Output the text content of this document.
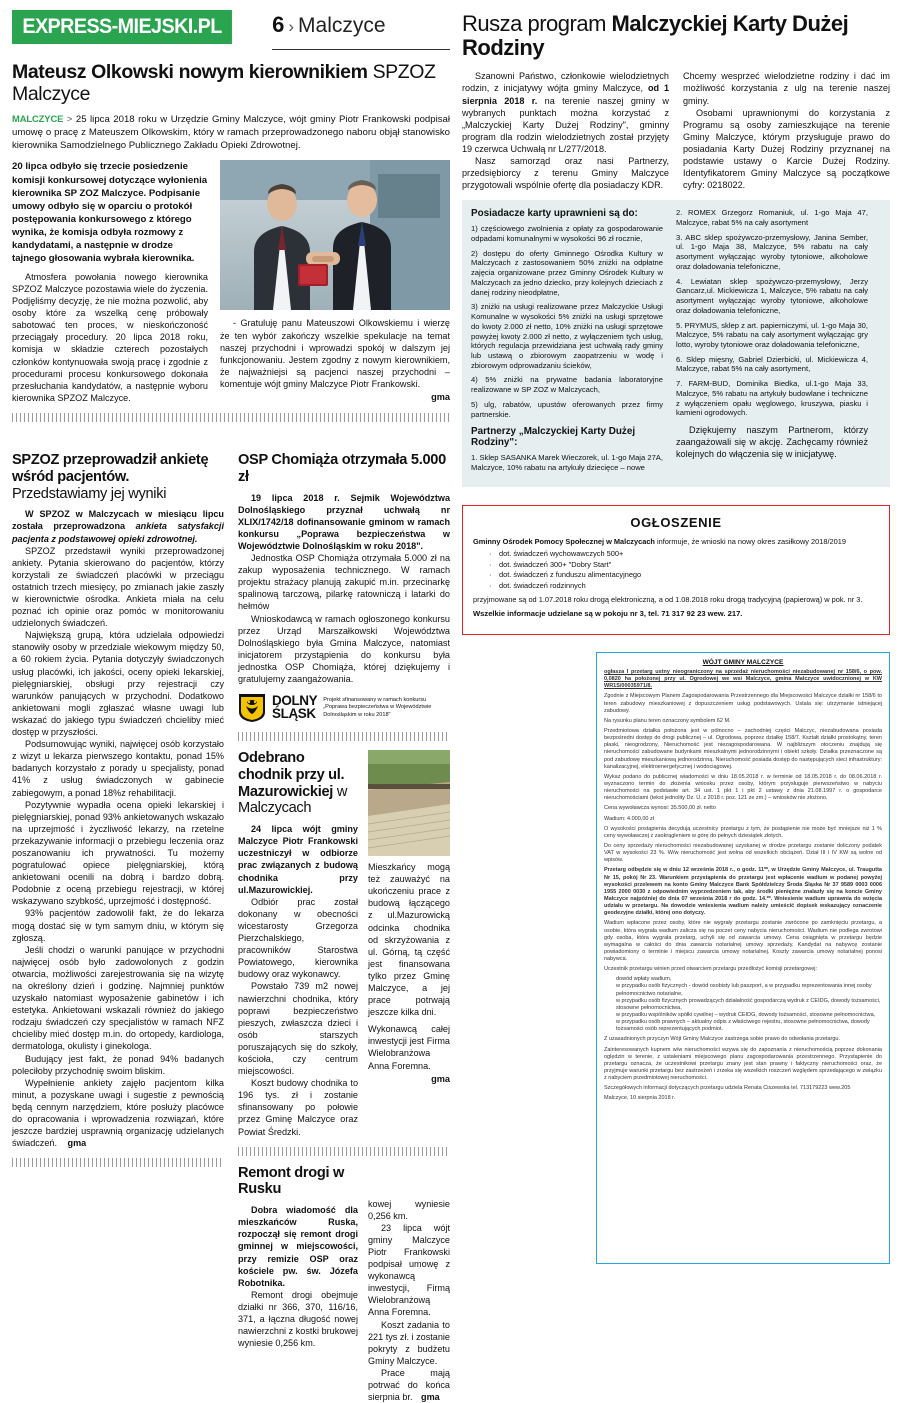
EXPRESS-MIEJSKI.PL	6 › Malczyce
Mateusz Olkowski nowym kierownikiem SPZOZ Malczyce

MALCZYCE > 25 lipca 2018 roku w Urzędzie Gminy Malczyce, wójt gminy Piotr Frankowski podpisał umowę o pracę z Mateuszem Olkowskim, który w ramach przeprowadzonego naboru objął stanowisko kierownika Samodzielnego Publicznego Zakładu Opieki Zdrowotnej.

20 lipca odbyło się trzecie posiedzenie komisji konkursowej dotyczące wyłonienia kierownika SP ZOZ Malczyce. Podpisanie umowy odbyło się w oparciu o protokół postępowania konkursowego z którego wynika, że komisja odbyła rozmowy z kandydatami, a następnie w drodze tajnego głosowania wybrała kierownika.

Atmosfera powołania nowego kierownika SPZOZ Malczyce pozostawia wiele do życzenia. Podjęliśmy decyzję, że nie można pozwolić, aby osoby które za wszelką cenę próbowały sabotować ten proces, w nieskończoność przeciągały procedury. 20 lipca 2018 roku, komisja w składzie czterech pozostałych członków kontynuowała swoją pracę i zgodnie z procedurami procesu konkursowego dokonała przesłuchania kandydatów, a następnie wyboru kierownika SPZOZ Malczyce.

- Gratuluję panu Mateuszowi Olkowskiemu i wierzę że ten wybór zakończy wszelkie spekulacje na temat naszej przychodni i wprowadzi spokój w dalszym jej funkcjonowaniu. Jestem zgodny z nowym kierownikiem, że najważniejsi są pacjenci naszej przychodni – komentuje wójt gminy Malczyce Piotr Frankowski.

gma
SPZOZ przeprowadził ankietę wśród pacjentów. Przedstawiamy jej wyniki

W SPZOZ w Malczycach w miesiącu lipcu została przeprowadzona ankieta satysfakcji pacjenta z podstawowej opieki zdrowotnej.

SPZOZ przedstawił wyniki przeprowadzonej ankiety. Pytania skierowano do pacjentów, którzy korzystali ze świadczeń placówki w przeciągu ostatnich trzech miesięcy, po zmianach jakie zaszły w kierownictwie ośrodka. Ankieta miała na celu poznać ich opinie oraz pomóc w monitorowaniu udzielonych świadczeń.

Największą grupą, która udzielała odpowiedzi stanowiły osoby w przedziale wiekowym między 50, a 60 rokiem życia. Pytania dotyczyły świadczonych usług placówki, ich jakości, oceny opieki lekarskiej, pielęgniarskiej, obsługi przy rejestracji czy warunków panujących w przychodni. Dodatkowo ankietowani mogli zgłaszać własne uwagi lub wskazać do jakiego typu świadczeń chcieliby mieć dostęp w przyszłości.

Podsumowując wyniki, najwięcej osób korzystało z wizyt u lekarza pierwszego kontaktu, ponad 15% badanych korzystało z porady u specjalisty, ponad 41% z usług świadczonych w gabinecie zabiegowym, a ponad 18%z rehabilitacji.

Pozytywnie wypadła ocena opieki lekarskiej i pielęgniarskiej, ponad 93% ankietowanych wskazało na uprzejmość i życzliwość lekarzy, na rzetelne przekazywanie informacji o przebiegu leczenia oraz poszanowaniu ich prywatności. Tu możemy pogratulować opiece pielęgniarskiej, którą ankietowani ocenili na dobrą i bardzo dobrą. Podobnie z oceną przebiegu rejestracji, w której wskazywano szybkość, uprzejmość i dostępność.

93% pacjentów zadowolił fakt, że do lekarza mogą dostać się w tym samym dniu, w którym się zgłoszą.

Jeśli chodzi o warunki panujące w przychodni najwięcej osób było zadowolonych z godzin otwarcia, możliwości zarejestrowania się na wizytę na określony dzień i godzinę. Najmniej punktów uzyskało natomiast wyposażenie gabinetów i ich estetyka. Ankietowani wskazali również do jakiego rodzaju świadczeń czy specjalistów w ramach NFZ chcieliby mieć dostęp m.in. do ortopedy, kardiologa, dermatologa, okulisty i ginekologa.

Budujący jest fakt, że ponad 94% badanych poleciłoby przychodnię swoim bliskim.

Wypełnienie ankiety zajęło pacjentom kilka minut, a pozyskane uwagi i sugestie z pewnością będą cennym narzędziem, które posłuży placówce do opracowania i wprowadzenia rozwiązań, które jeszcze bardziej usprawnią organizację udzielanych świadczeń. gma

OSP Chomiąża otrzymała 5.000 zł

19 lipca 2018 r. Sejmik Województwa Dolnośląskiego przyznał uchwałą nr XLIX/1742/18 dofinansowanie gminom w ramach konkursu „Poprawa bezpieczeństwa w Województwie Dolnośląskim w roku 2018".

Jednostka OSP Chomiąża otrzymała 5.000 zł na zakup wyposażenia technicznego. W ramach projektu strażacy planują zakupić m.in. przecinarkę spalinową tarczową, pilarkę ratowniczą i latarki do hełmów

Wnioskodawcą w ramach ogłoszonego konkursu przez Urząd Marszałkowski Województwa Dolnośląskiego była Gmina Malczyce, natomiast inicjatorem przystąpienia do konkursu była jednostka OSP Chomiąża, której dziękujemy i gratulujemy zaangażowania.

DOLNY
ŚLĄSK
Projekt sfinansowany w ramach konkursu „Poprawa bezpieczeństwa w Województwie Dolnośląskim w roku 2018"
Odebrano chodnik przy ul. Mazurowickiej w Malczycach

24 lipca wójt gminy Malczyce Piotr Frankowski uczestniczył w odbiorze prac związanych z budową chodnika przy ul.Mazurowickiej.

Odbiór prac został dokonany w obecności wicestarosty Grzegorza Pierzchalskiego, pracowników Starostwa Powiatowego, kierownika budowy oraz wykonawcy.

Powstało 739 m2 nowej nawierzchni chodnika, który poprawi bezpieczeństwo pieszych, zwłaszcza dzieci i osób starszych poruszających się do szkoły, kościoła, czy centrum miejscowości.

Koszt budowy chodnika to 196 tys. zł i zostanie sfinansowany po połowie przez Gminę Malczyce oraz Powiat Średzki.

Mieszkańcy mogą też zauważyć na ukończeniu prace z budową łączącego z ul.Mazurowicką odcinka chodnika od skrzyżowania z ul. Górną, tą część jest finansowana tylko przez Gminę Malczyce, a jej prace potrwają jeszcze kilka dni.

Wykonawcą całej inwestycji jest Firma Wielobranżowa Anna Foremna.

gma
Remont drogi w Rusku

Dobra wiadomość dla mieszkańców Ruska, rozpoczął się remont drogi gminnej w miejscowości, przy remizie OSP oraz kościele pw. św. Józefa Robotnika.

Remont drogi obejmuje działki nr 366, 370, 116/16, 371, a łączna długość nowej nawierzchni z kostki brukowej wyniesie 0,256 km.

kowej wyniesie 0,256 km.

23 lipca wójt gminy Malczyce Piotr Frankowski podpisał umowę z wykonawcą inwestycji, Firmą Wielobranżową Anna Foremna.

Koszt zadania to 221 tys zł. i zostanie pokryty z budżetu Gminy Malczyce.

Prace mają potrwać do końca sierpnia br. gma

Rusza program Malczyckiej Karty Dużej Rodziny

Szanowni Państwo, członkowie wielodzietnych rodzin, z inicjatywy wójta gminy Malczyce, od 1 sierpnia 2018 r. na terenie naszej gminy w wybranych punktach można korzystać z „Malczyckiej Karty Dużej Rodziny", gminny program dla rodzin wielodzietnych został przyjęty 19 czerwca Uchwałą nr L/277/2018.

Nasz samorząd oraz nasi Partnerzy, przedsiębiorcy z terenu Gminy Malczyce przygotowali wspólnie ofertę dla posiadaczy KDR.

Chcemy wesprzeć wielodzietne rodziny i dać im możliwość korzystania z ulg na terenie naszej gminy.

Osobami uprawnionymi do korzystania z Programu są osoby zamieszkujące na terenie Gminy Malczyce, którym przysługuje prawo do posiadania Karty Dużej Rodziny przyznanej na podstawie ustawy o Karcie Dużej Rodziny. Identyfikatorem Gminy Malczyce są początkowe cyfry: 0218022.

Posiadacze karty uprawnieni są do:

1) częściowego zwolnienia z opłaty za gospodarowanie odpadami komunalnymi w wysokości 96 zł rocznie,

2) dostępu do oferty Gminnego Ośrodka Kultury w Malczycach z zastosowaniem 50% zniżki na odpłatne zajęcia organizowane przez Gminny Ośrodek Kultury w Malczycach za jedno dziecko, przy kolejnych dzieciach z danej rodziny nieodpłatne,

3) zniżki na usługi realizowane przez Malczyckie Usługi Komunalne w wysokości 5% zniżki na usługi sprzętowe do kwoty 2.000 zł netto, 10% zniżki na usługi sprzętowe powyżej kwoty 2.000 zł netto, z wyłączeniem tych usług, których regulacja przewidziana jest uchwałą rady gminy lub ustawą o zbiorowym zaopatrzeniu w wodę i zbiorowym odprowadzaniu ścieków,

4) 5% zniżki na prywatne badania laboratoryjne realizowane w SP ZOZ w Malczycach,

5) ulg, rabatów, upustów oferowanych przez firmy partnerskie.

Partnerzy „Malczyckiej Karty Dużej Rodziny":

1. Sklep SASANKA Marek Wieczorek, ul. 1-go Maja 27A, Malczyce, 10% rabatu na artykuły dziecięce – nowe

2. ROMEX Grzegorz Romaniuk, ul. 1-go Maja 47, Malczyce, rabat 5% na cały asortyment

3. ABC sklep spożywczo-przemysłowy, Janina Sember, ul. 1-go Maja 38, Malczyce, 5% rabatu na cały asortyment wyłączając wyroby tytoniowe, alkoholowe oraz doładowania telefoniczne,

4. Lewiatan sklep spożywczo-przemysłowy, Jerzy Gancarz,ul. Mickiewicza 1, Malczyce, 5% rabatu na cały asortyment wyłączając wyroby tytoniowe, alkoholowe oraz doładowania telefoniczne,

5. PRYMUS, sklep z art. papierniczymi, ul. 1-go Maja 30, Malczyce, 5% rabatu na cały asortyment wyłączając gry lotto, wyroby tytoniowe oraz doładowania telefoniczne,

6. Sklep mięsny, Gabriel Dzierbicki, ul. Mickiewicza 4, Malczyce, rabat 5% na cały asortyment,

7. FARM-BUD, Dominika Biedka, ul.1-go Maja 33, Malczyce, 5% rabatu na artykuły budowlane i techniczne z wyłączeniem opału węglowego, kruszywa, piasku i kamieni ogrodowych.

Dziękujemy naszym Partnerom, którzy zaangażowali się w akcję. Zachęcamy również kolejnych do włączenia się w inicjatywę.

OGŁOSZENIE
Gminny Ośrodek Pomocy Społecznej w Malczycach informuje, że wnioski na nowy okres zasiłkowy 2018/2019
· dot. świadczeń wychowawczych 500+
· dot. świadczeń 300+ "Dobry Start"
· dot. świadczeń z funduszu alimentacyjnego
· dot. świadczeń rodzinnych
przyjmowane są od 1.07.2018 roku drogą elektroniczną, a od 1.08.2018 roku drogą tradycyjną (papierową) w pok. nr 3.
Wszelkie informacje udzielane są w pokoju nr 3, tel. 71 317 92 23 wew. 217.
WÓJT GMINY MALCZYCE

ogłasza I przetarg ustny nieograniczony na sprzedaż nieruchomości niezabudowanej nr 158/6, o pow. 0,0820 ha położonej przy ul. Ogrodowej we wsi Malczyce, gmina Malczyce uwidocznionej w KW WR1S/00035971/8.

Zgodnie z Miejscowym Planem Zagospodarowania Przestrzennego dla Miejscowości Malczyce działki nr 158/6 to teren zabudowy mieszkaniowej z dopuszczeniem usług podstawowych. Ustala się: utrzymanie istniejącej zabudowy.

Na rysunku planu teren oznaczony symbolem 62 M.

Przedmiotowa działka położona jest w północno – zachodniej części Malczyc, niezabudowana posiada bezpośredni dostęp do drogi publicznej – ul. Ogrodowa, poprzez działkę 158/7. Kształt działki prostokątny, teren płaski, nieogrodzony, Nieruchomość jest niezagospodarowana. W najbliższym otoczeniu znajdują się nieruchomości zabudowane budynkami mieszkalnymi jednorodzinnymi i obiekt szkoły. Działka przeznaczone są pod zabudowę mieszkaniową jednorodzinną. Nieruchomość posiada dostęp do następujących sieci infrastruktury: kanalizacyjnej, elektroenergetycznej i wodociągowej.

Wykaz podano do publicznej wiadomości w dniu 18.05.2018 r. w terminie od 18.05.2018 r. do 08.06.2018 r. wyznaczono termin do złożenia wniosku przez osoby, którym przysługuje pierwszeństwo w nabyciu nieruchomości na podstawie art. 34 ust. 1 pkt 1 i pkt 2 ustawy z dnia 21.08.1997 r. o gospodarce nieruchomościami (tekst jednolity Dz. U. z 2018 r. poz. 121 ze zm.) – wniosków nie złożono.

Cena wywoławcza wynosi: 35.500,00 zł. netto

Wadium: 4.000,00 zł

O wysokości postąpienia decydują uczestnicy przetargu z tym, że postąpienie nie może być mniejsze niż 1 % ceny wywoławczej z zaokrągleniem w górę do pełnych dziesiątek złotych.

Do ceny sprzedaży nieruchomości niezabudowanej uzyskanej w drodze przetargu zostanie doliczony podatek VAT w wysokości 23 %. W/w nieruchomość jest wolna od wszelkich obciążeń. Dział III i IV KW są wolne od wpisów.

Przetarg odbędzie się w dniu 12 września 2018 r., o godz. 11ºº, w Urzędzie Gminy Malczyce, ul. Traugutta Nr 15, pokój Nr 23. Warunkiem przystąpienia do przetargu jest wpłacenie wadium w podanej powyżej wysokości przelewem na konto Gminy Malczyce Bank Spółdzielczy Środa Śląska Nr 37 9589 0003 0006 1955 2000 0030 z odpowiednim wyprzedzeniem tak, aby środki pieniężne znalazły się na koncie Gminy Malczyce najpóźniej do dnia 07 września 2018 r do godz. 14.ºº. Wniesienie wadium uprawnia do wzięcia udziału w przetargu. Na dowodzie wniesienia wadium należy umieścić dopisek wskazujący oznaczenie geodezyjne działki, której ono dotyczy.

Wadium wpłacone przez osoby, które nie wygrały przetargu zostanie zwrócone po zamknięciu przetargu, a osobie, która wygrała wadium zalicza się na poczet ceny nabycia nieruchomości. Wadium nie podlega zwrotowi gdy osoba, która wygrała przetarg, uchyli się od zawarcia umowy. Cena osiągnięta w przetargu będzie wymagalna w całości do dnia zawarcia notarialnej umowy sprzedaży. Kandydat na nabywcę zostanie powiadomiony o terminie i miejscu zawarcia umowy notarialnej. Koszty zawarcia umowy notarialnej ponosi nabywca.

Uczestnik przetargu winien przed otwarciem przetargu przedłożyć komisji przetargowej:

dowód wpłaty wadium,
w przypadku osób fizycznych - dowód osobisty lub paszport, a w przypadku reprezentowania innej osoby pełnomocnictwo notarialne,
w przypadku osób fizycznych prowadzących działalność gospodarczą wydruk z CEIDG, dowody tożsamości, stosowne pełnomocnictwa,
w przypadku wspólników spółki cywilnej – wydruk CEIDG, dowody tożsamości, stosowne pełnomocnictwa,
w przypadku osób prawnych – aktualny odpis z właściwego rejestru, stosowne pełnomocnictwa, dowody tożsamości osób reprezentujących podmiot.

Z uzasadnionych przyczyn Wójt Gminy Malczyce zastrzega sobie prawo do odwołania przetargu.

Zainteresowanych kupnem w/w nieruchomości wzywa się do zapoznania z nieruchomością poprzez dokonania oględzin w terenie, z ustaleniami miejscowego planu zagospodarowania przestrzennego. Przystąpienie do przetargu oznacza, że uczestnikowi przetargu znany jest stan prawny i faktyczny nieruchomości oraz, że przyjmuje warunki przetargu bez zastrzeżeń i zrzeka się wszelkich roszczeń względem sprzedającego w związku z nabyciem przedmiotowej nieruchomości.

Szczegółowych informacji dotyczących przetargu udziela Renata Ciszewska tel. 713179223 wew.205

Malczyce, 10 sierpnia 2018 r.
